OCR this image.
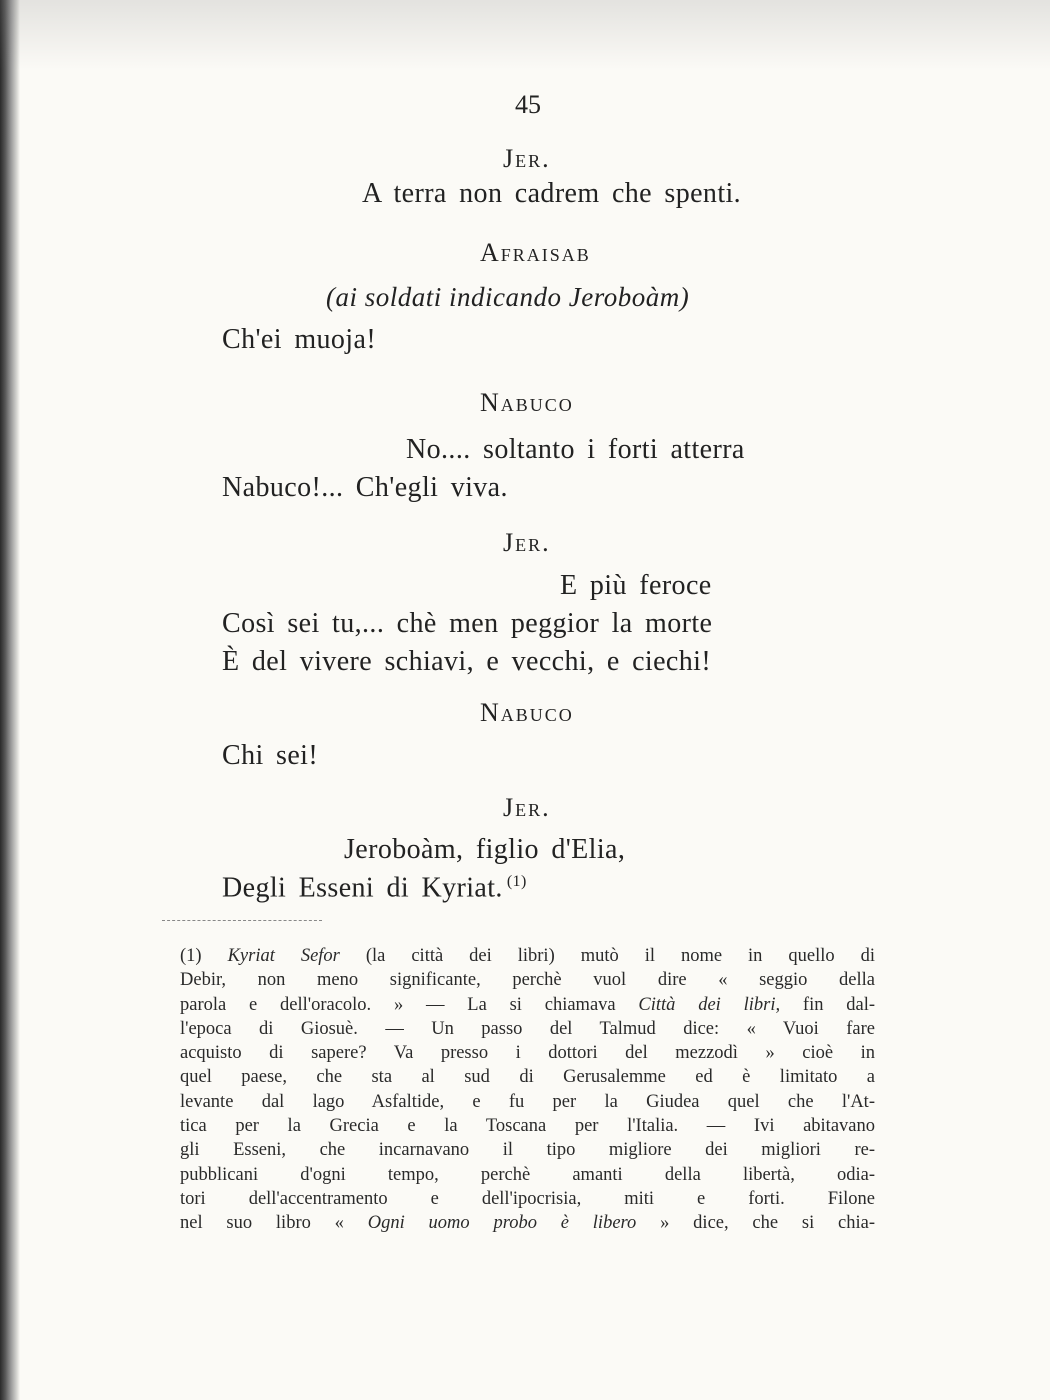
45
Jer.
A terra non cadrem che spenti.
Afraisab
(ai soldati indicando Jeroboàm)
Ch'ei muoja!
Nabuco
No.... soltanto i forti atterra
Nabuco!... Ch'egli viva.
Jer.
E più feroce
Così sei tu,... chè men peggior la morte
È del vivere schiavi, e vecchi, e ciechi!
Nabuco
Chi sei!
Jer.
Jeroboàm, figlio d'Elia,
Degli Esseni di Kyriat. $^{(1)}$
(1) Kyriat Sefor (la città dei libri) mutò il nome in quello di
Debir, non meno significante, perchè vuol dire « seggio della
parola e dell'oracolo. » — La si chiamava Città dei libri, fin dal-
l'epoca di Giosuè. — Un passo del Talmud dice: « Vuoi fare
acquisto di sapere? Va presso i dottori del mezzodì » cioè in
quel paese, che sta al sud di Gerusalemme ed è limitato a
levante dal lago Asfaltide, e fu per la Giudea quel che l'At-
tica per la Grecia e la Toscana per l'Italia. — Ivi abitavano
gli Esseni, che incarnavano il tipo migliore dei migliori re-
pubblicani d'ogni tempo, perchè amanti della libertà, odia-
tori dell'accentramento e dell'ipocrisia, miti e forti. Filone
nel suo libro « Ogni uomo probo è libero » dice, che si chia-
